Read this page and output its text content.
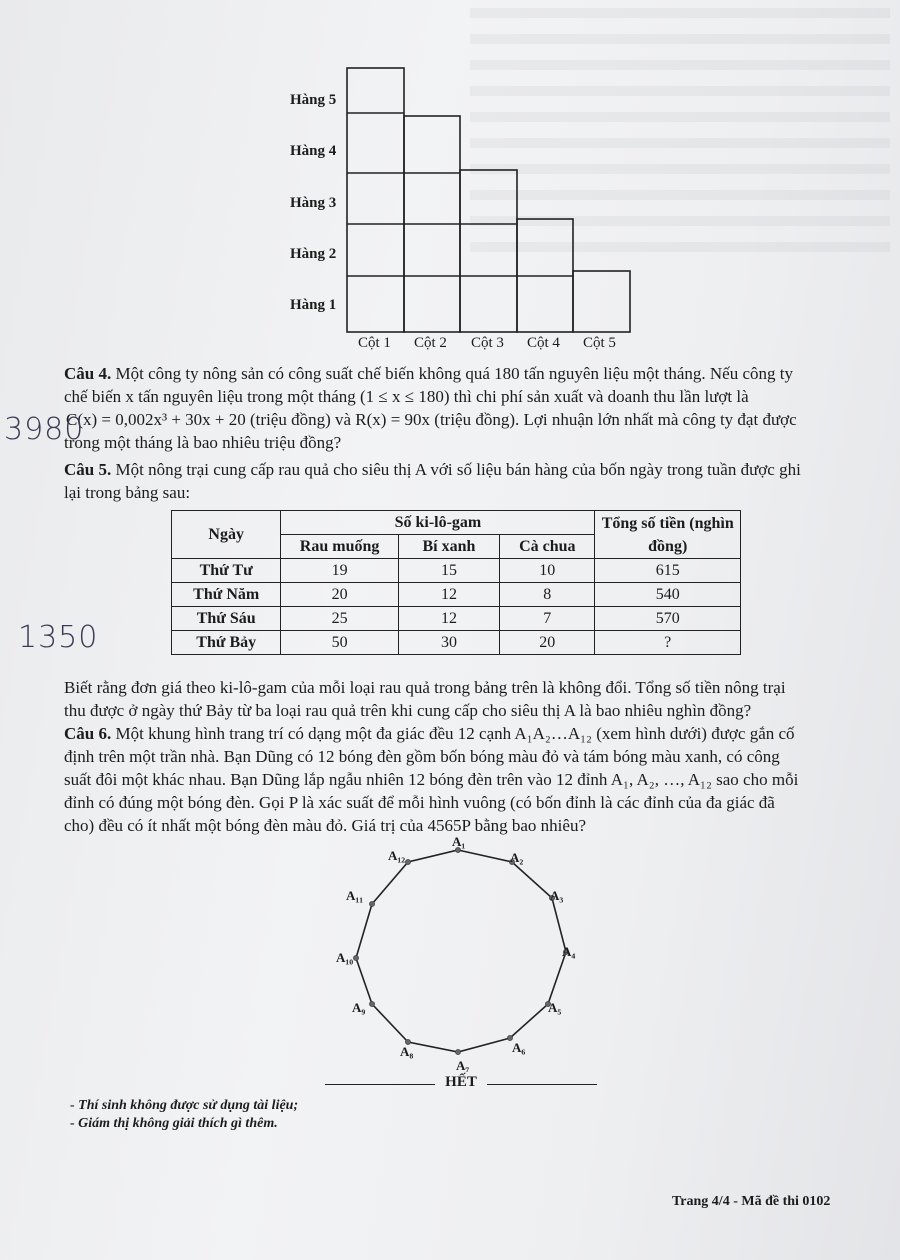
Hàng 5
Hàng 4
Hàng 3
Hàng 2
Hàng 1
Cột 1 Cột 2 Cột 3 Cột 4 Cột 5
Câu 4. Một công ty nông sản có công suất chế biến không quá 180 tấn nguyên liệu một tháng. Nếu công ty
chế biến x tấn nguyên liệu trong một tháng (1 ≤ x ≤ 180) thì chi phí sản xuất và doanh thu lần lượt là
C(x) = 0,002x³ + 30x + 20 (triệu đồng) và R(x) = 90x (triệu đồng). Lợi nhuận lớn nhất mà công ty đạt được
trong một tháng là bao nhiêu triệu đồng?
3980
Câu 5. Một nông trại cung cấp rau quả cho siêu thị A với số liệu bán hàng của bốn ngày trong tuần được ghi
lại trong bảng sau:
Ngày	Số ki-lô-gam			Tổng số tiền (nghìn đồng)
	Rau muống	Bí xanh	Cà chua	
Thứ Tư	19	15	10	615
Thứ Năm	20	12	8	540
Thứ Sáu	25	12	7	570
Thứ Bảy	50	30	20	?
1350
Biết rằng đơn giá theo ki-lô-gam của mỗi loại rau quả trong bảng trên là không đổi. Tổng số tiền nông trại
thu được ở ngày thứ Bảy từ ba loại rau quả trên khi cung cấp cho siêu thị A là bao nhiêu nghìn đồng?
Câu 6. Một khung hình trang trí có dạng một đa giác đều 12 cạnh A₁A₂…A₁₂ (xem hình dưới) được gắn cố
định trên một trần nhà. Bạn Dũng có 12 bóng đèn gồm bốn bóng màu đỏ và tám bóng màu xanh, có công
suất đôi một khác nhau. Bạn Dũng lắp ngẫu nhiên 12 bóng đèn trên vào 12 đỉnh A₁, A₂, …, A₁₂ sao cho mỗi
đỉnh có đúng một bóng đèn. Gọi P là xác suất để mỗi hình vuông (có bốn đỉnh là các đỉnh của đa giác đã
cho) đều có ít nhất một bóng đèn màu đỏ. Giá trị của 4565P bằng bao nhiêu?
A₁
A₂
A₃
A₄
A₅
A₆
A₇
A₈
A₉
A₁₀
A₁₁
A₁₂
HẾT
- Thí sinh không được sử dụng tài liệu;
- Giám thị không giải thích gì thêm.
Trang 4/4 - Mã đề thi 0102
